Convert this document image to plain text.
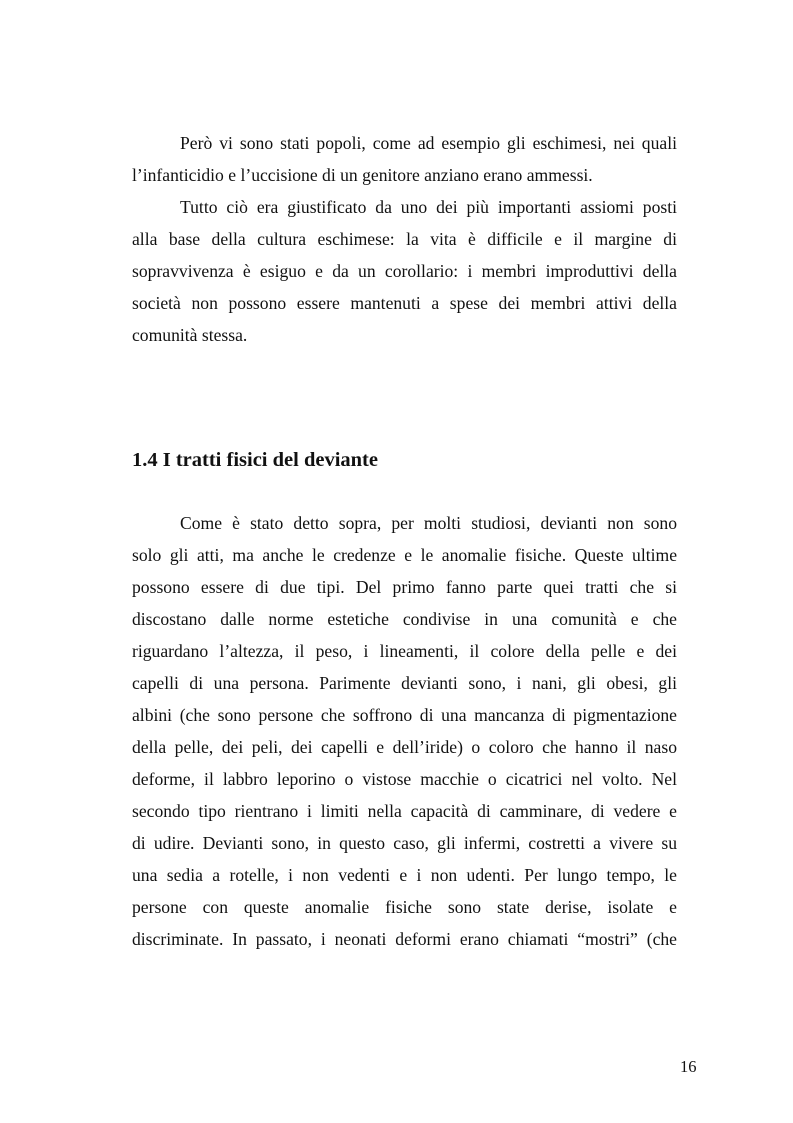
Però vi sono stati popoli, come ad esempio gli eschimesi, nei quali
l’infanticidio e l’uccisione di un genitore anziano erano ammessi.
Tutto ciò era giustificato da uno dei più importanti assiomi posti
alla base della cultura eschimese: la vita è difficile e il margine di
sopravvivenza è esiguo e da un corollario: i membri improduttivi della
società non possono essere mantenuti a spese dei membri attivi della
comunità stessa.
1.4 I tratti fisici del deviante
Come è stato detto sopra, per molti studiosi, devianti non sono
solo gli atti, ma anche le credenze e le anomalie fisiche. Queste ultime
possono essere di due tipi. Del primo fanno parte quei tratti che si
discostano dalle norme estetiche condivise in una comunità e che
riguardano l’altezza, il peso, i lineamenti, il colore della pelle e dei
capelli di una persona. Parimente devianti sono, i nani, gli obesi, gli
albini (che sono persone che soffrono di una mancanza di pigmentazione
della pelle, dei peli, dei capelli e dell’iride) o coloro che hanno il naso
deforme, il labbro leporino o vistose macchie o cicatrici nel volto. Nel
secondo tipo rientrano i limiti nella capacità di camminare, di vedere e
di udire. Devianti sono, in questo caso, gli infermi, costretti a vivere su
una sedia a rotelle, i non vedenti e i non udenti. Per lungo tempo, le
persone con queste anomalie fisiche sono state derise, isolate e
discriminate. In passato, i neonati deformi erano chiamati “mostri” (che
16
